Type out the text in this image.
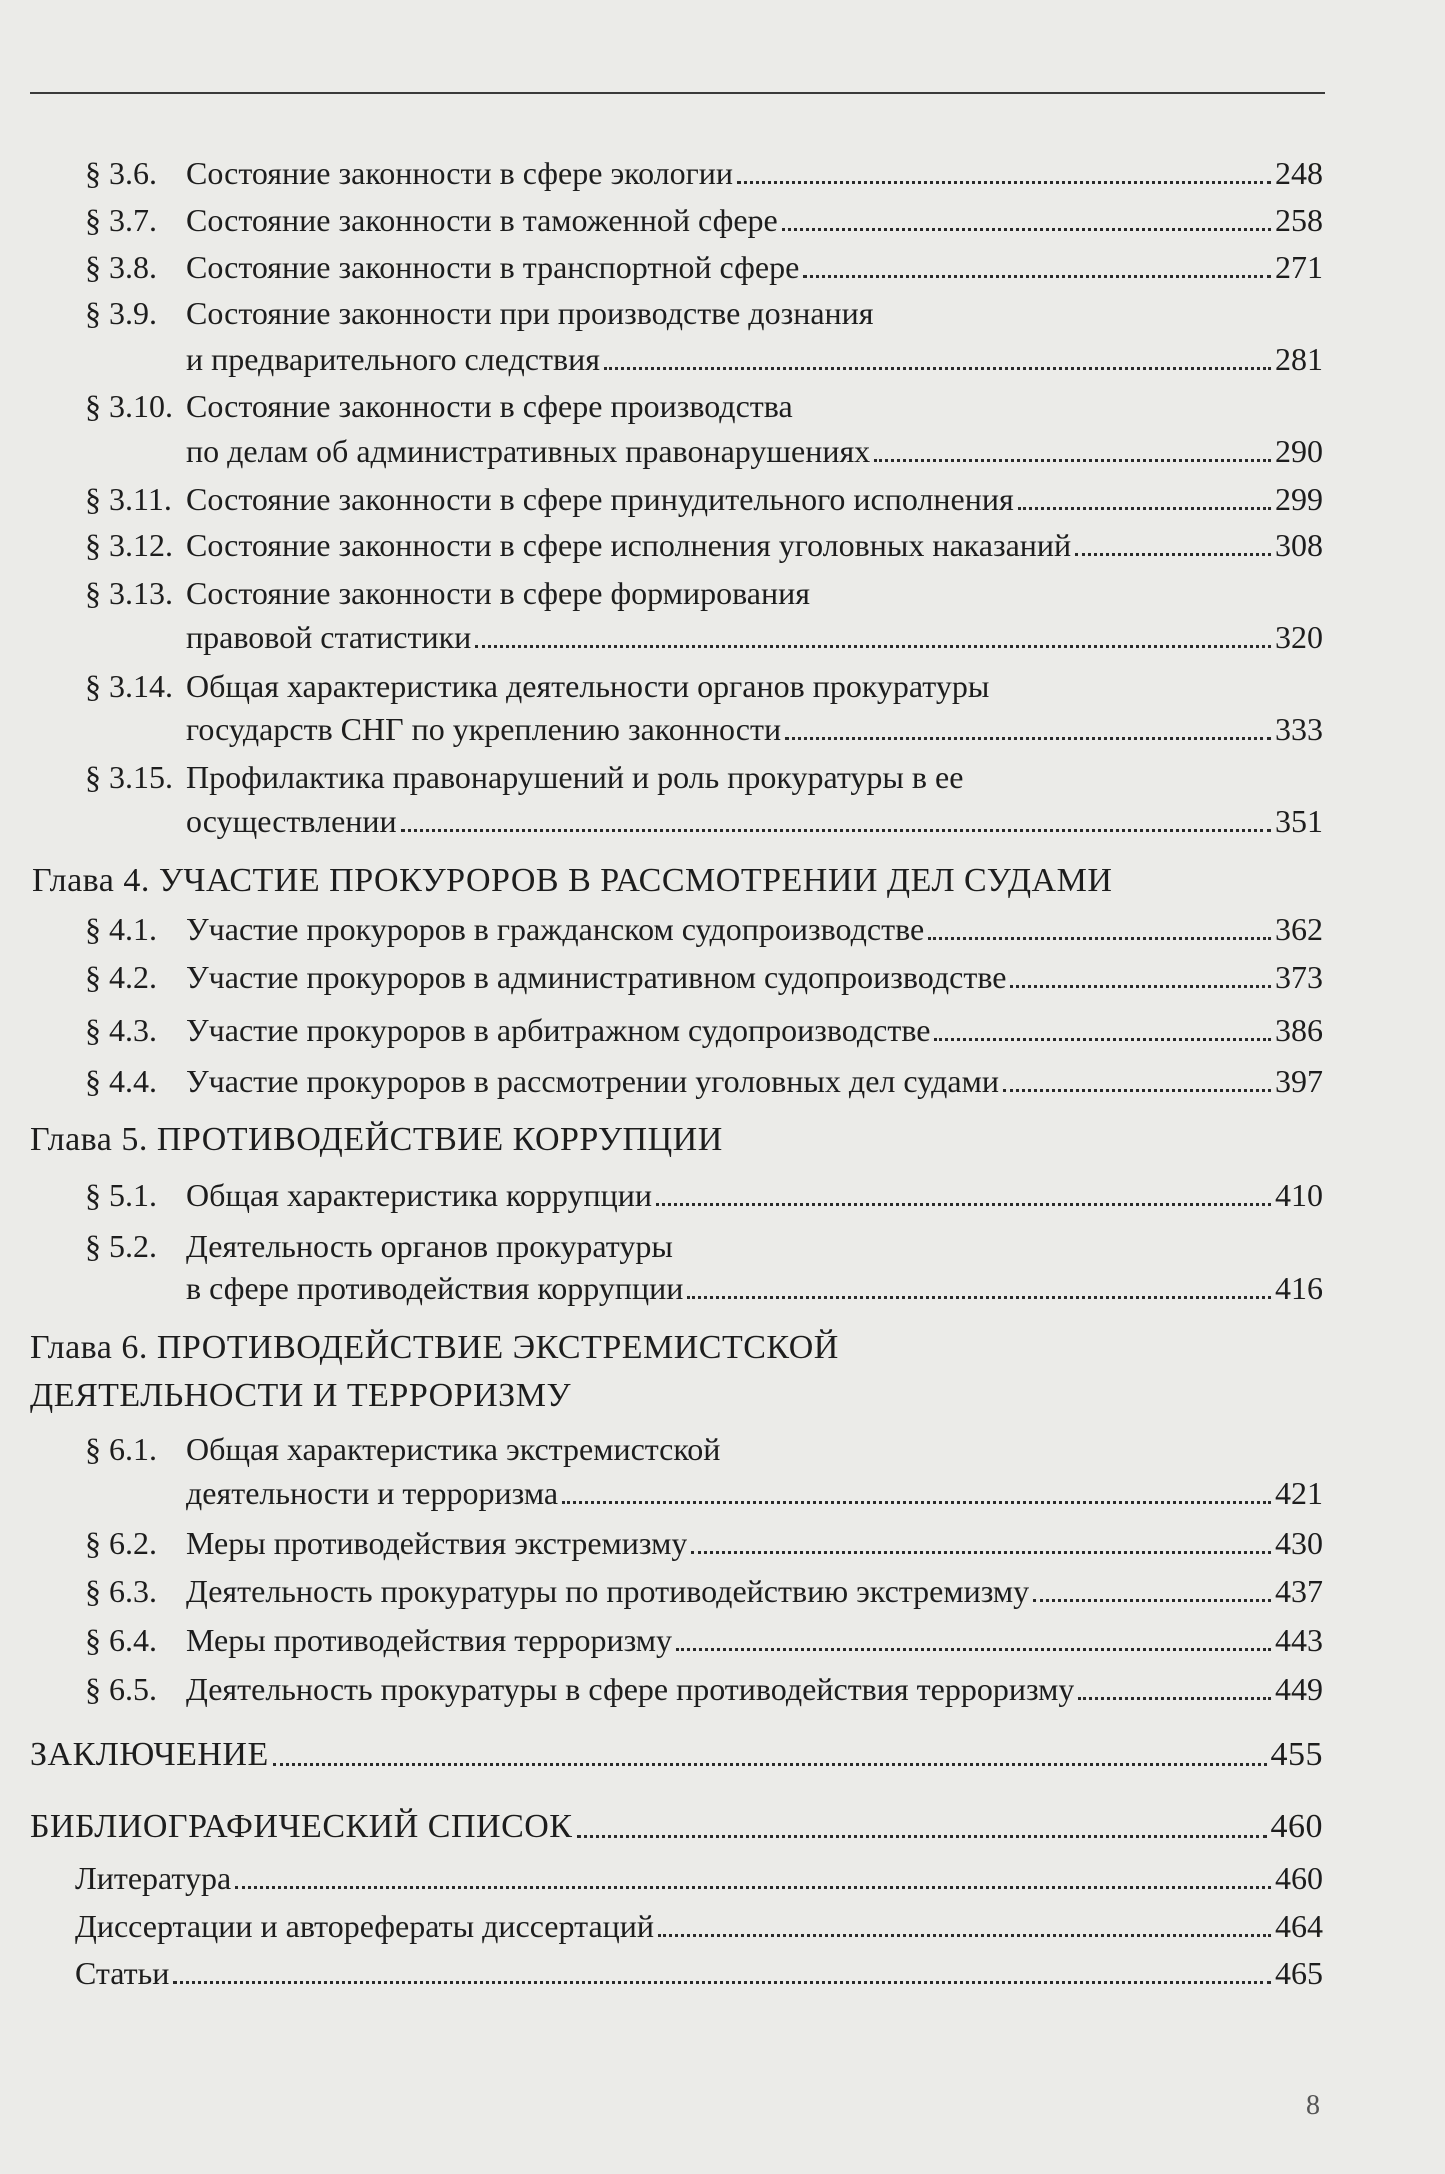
§ 3.6. Состояние законности в сфере экологии	248
§ 3.7. Состояние законности в таможенной сфере	258
§ 3.8. Состояние законности в транспортной сфере	271
§ 3.9. Состояние законности при производстве дознания
и предварительного следствия	281
§ 3.10. Состояние законности в сфере производства
по делам об административных правонарушениях	290
§ 3.11. Состояние законности в сфере принудительного исполнения	299
§ 3.12. Состояние законности в сфере исполнения уголовных наказаний	308
§ 3.13. Состояние законности в сфере формирования
правовой статистики	320
§ 3.14. Общая характеристика деятельности органов прокуратуры
государств СНГ по укреплению законности	333
§ 3.15. Профилактика правонарушений и роль прокуратуры в ее
осуществлении	351
Глава 4. УЧАСТИЕ ПРОКУРОРОВ В РАССМОТРЕНИИ ДЕЛ СУДАМИ
§ 4.1. Участие прокуроров в гражданском судопроизводстве	362
§ 4.2. Участие прокуроров в административном судопроизводстве	373
§ 4.3. Участие прокуроров в арбитражном судопроизводстве	386
§ 4.4. Участие прокуроров в рассмотрении уголовных дел судами	397
Глава 5. ПРОТИВОДЕЙСТВИЕ КОРРУПЦИИ
§ 5.1. Общая характеристика коррупции	410
§ 5.2. Деятельность органов прокуратуры
в сфере противодействия коррупции	416
Глава 6. ПРОТИВОДЕЙСТВИЕ ЭКСТРЕМИСТСКОЙ
ДЕЯТЕЛЬНОСТИ И ТЕРРОРИЗМУ
§ 6.1. Общая характеристика экстремистской
деятельности и терроризма	421
§ 6.2. Меры противодействия экстремизму	430
§ 6.3. Деятельность прокуратуры по противодействию экстремизму	437
§ 6.4. Меры противодействия терроризму	443
§ 6.5. Деятельность прокуратуры в сфере противодействия терроризму	449
ЗАКЛЮЧЕНИЕ	455
БИБЛИОГРАФИЧЕСКИЙ СПИСОК	460
Литература	460
Диссертации и авторефераты диссертаций	464
Статьи	465
8
